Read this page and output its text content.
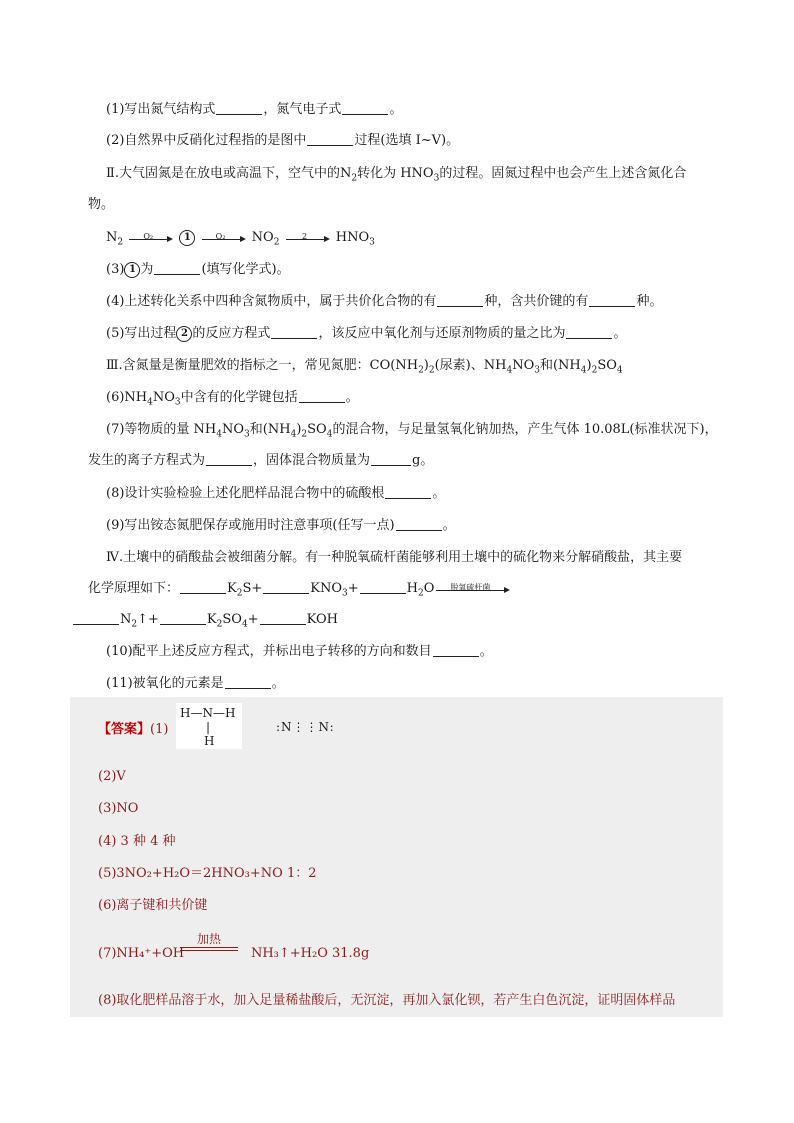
(1)写出氮气结构式	，氮气电子式	。
(2)自然界中反硝化过程指的是图中	过程(选填 Ⅰ~Ⅴ)。
Ⅱ.大气固氮是在放电或高温下，空气中的$N_2$转化为 $HNO_3$的过程。固氮过程中也会产生上述含氮化合
物。
$N_2$
O₂	1	O₂	$NO_2$
2	$HNO_3$
(3) 1 为	(填写化学式)。
(4)上述转化关系中四种含氮物质中，属于共价化合物的有	种，含共价键的有	种。
(5)写出过程 2 的反应方程式	，该反应中氧化剂与还原剂物质的量之比为	。
Ⅲ.含氮量是衡量肥效的指标之一，常见氮肥：$CO(NH_2)_2$(尿素)、$NH_4NO_3$和$(NH_4)_2SO_4$
$(6)NH_4NO_3$中含有的化学键包括	。
(7)等物质的量 $NH_4NO_3$和$(NH_4)_2SO_4$的混合物，与足量氢氧化钠加热，产生气体 10.08L(标准状况下)，
发生的离子方程式为	，固体混合物质量为	g。
(8)设计实验检验上述化肥样品混合物中的硫酸根	。
(9)写出铵态氮肥保存或施用时注意事项(任写一点)	。
Ⅳ.土壤中的硝酸盐会被细菌分解。有一种脱氧硫杆菌能够利用土壤中的硫化物来分解硝酸盐，其主要
化学原理如下：	$K_2S+$	$KNO_3+$	$H_2O$	脱氧硫杆菌
$N_2↑+$	$K_2SO_4+$	KOH
(10)配平上述反应方程式，并标出电子转移的方向和数目	。
(11)被氧化的元素是	。
【答案】(1)
H—N—H
|
H
:N⋮⋮N:
(2)V
(3)NO
(4) 3 种 4 种
(5)3NO₂+H₂O＝2HNO₃+NO 1：2
(6)离子键和共价键
(7)NH₄⁺+OH⁻	NH₃↑+H₂O 31.8g
加热
(8)取化肥样品溶于水，加入足量稀盐酸后，无沉淀，再加入氯化钡，若产生白色沉淀，证明固体样品
